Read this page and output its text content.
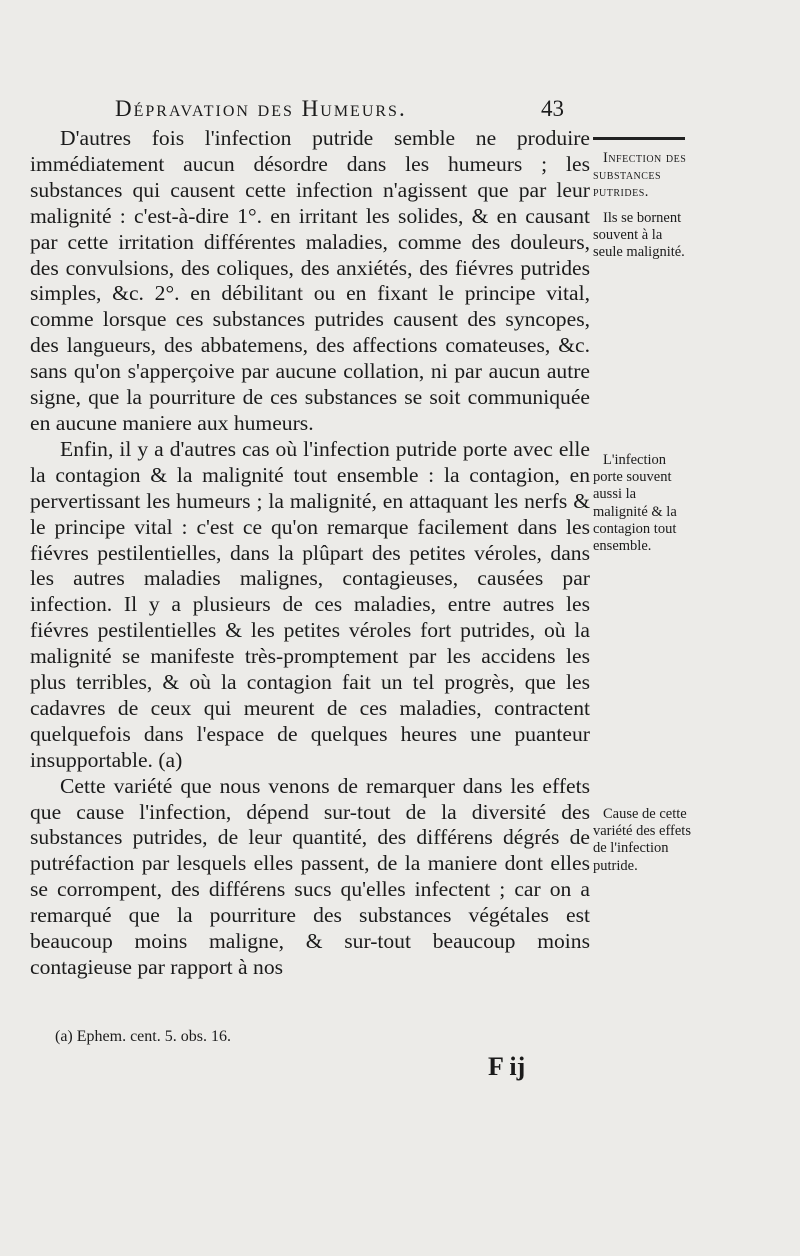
Dépravation des Humeurs.	43

D'autres fois l'infection putride semble ne produire immédiatement aucun désordre dans les humeurs ; les substances qui causent cette infection n'agissent que par leur malignité : c'est-à-dire 1°. en irritant les solides, & en causant par cette irritation différentes maladies, comme des douleurs, des convulsions, des coliques, des anxiétés, des fiévres putrides simples, &c. 2°. en débilitant ou en fixant le principe vital, comme lorsque ces substances putrides causent des syncopes, des langueurs, des abbatemens, des affections comateuses, &c. sans qu'on s'apperçoive par aucune collation, ni par aucun autre signe, que la pourriture de ces substances se soit communiquée en aucune maniere aux humeurs.

Enfin, il y a d'autres cas où l'infection putride porte avec elle la contagion & la malignité tout ensemble : la contagion, en pervertissant les humeurs ; la malignité, en attaquant les nerfs & le principe vital : c'est ce qu'on remarque facilement dans les fiévres pestilentielles, dans la plûpart des petites véroles, dans les autres maladies malignes, contagieuses, causées par infection. Il y a plusieurs de ces maladies, entre autres les fiévres pestilentielles & les petites véroles fort putrides, où la malignité se manifeste très-promptement par les accidens les plus terribles, & où la contagion fait un tel progrès, que les cadavres de ceux qui meurent de ces maladies, contractent quelquefois dans l'espace de quelques heures une puanteur insupportable. (a)

Cette variété que nous venons de remarquer dans les effets que cause l'infection, dépend sur-tout de la diversité des substances putrides, de leur quantité, des différens dégrés de putréfaction par lesquels elles passent, de la maniere dont elles se corrompent, des différens sucs qu'elles infectent ; car on a remarqué que la pourriture des substances végétales est beaucoup moins maligne, & sur-tout beaucoup moins contagieuse par rapport à nos

Infection des substances putrides.
Ils se bornent souvent à la seule malignité.
L'infection porte souvent aussi la malignité & la contagion tout ensemble.
Cause de cette variété des effets de l'infection putride.
(a) Ephem. cent. 5. obs. 16.
F ij
